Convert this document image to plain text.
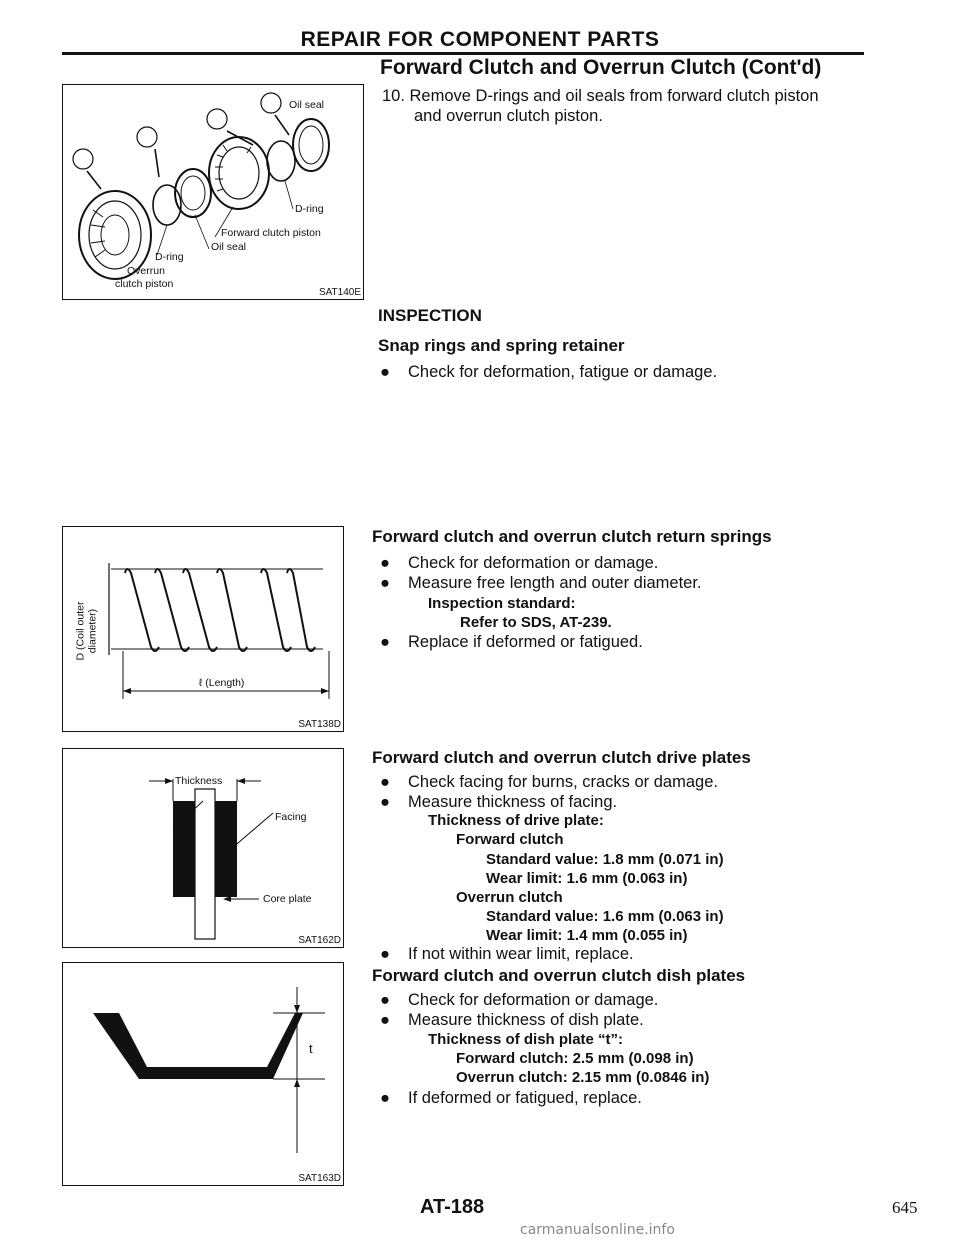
REPAIR FOR COMPONENT PARTS
Forward Clutch and Overrun Clutch (Cont'd)
Oil seal
D-ring
Forward clutch piston
Oil seal
D-ring
Overrun
clutch piston
SAT140E
10. Remove D-rings and oil seals from forward clutch piston
and overrun clutch piston.
INSPECTION
Snap rings and spring retainer
● Check for deformation, fatigue or damage.
D (Coil outer diameter)
ℓ (Length)
SAT138D
Forward clutch and overrun clutch return springs
● Check for deformation or damage.
● Measure free length and outer diameter.
Inspection standard:
Refer to SDS, AT-239.
● Replace if deformed or fatigued.
Thickness
Facing
Core plate
SAT162D
Forward clutch and overrun clutch drive plates
● Check facing for burns, cracks or damage.
● Measure thickness of facing.
Thickness of drive plate:
Forward clutch
Standard value: 1.8 mm (0.071 in)
Wear limit: 1.6 mm (0.063 in)
Overrun clutch
Standard value: 1.6 mm (0.063 in)
Wear limit: 1.4 mm (0.055 in)
● If not within wear limit, replace.
t
SAT163D
Forward clutch and overrun clutch dish plates
● Check for deformation or damage.
● Measure thickness of dish plate.
Thickness of dish plate “t”:
Forward clutch: 2.5 mm (0.098 in)
Overrun clutch: 2.15 mm (0.0846 in)
● If deformed or fatigued, replace.
AT-188	645
carmanualsonline.info
